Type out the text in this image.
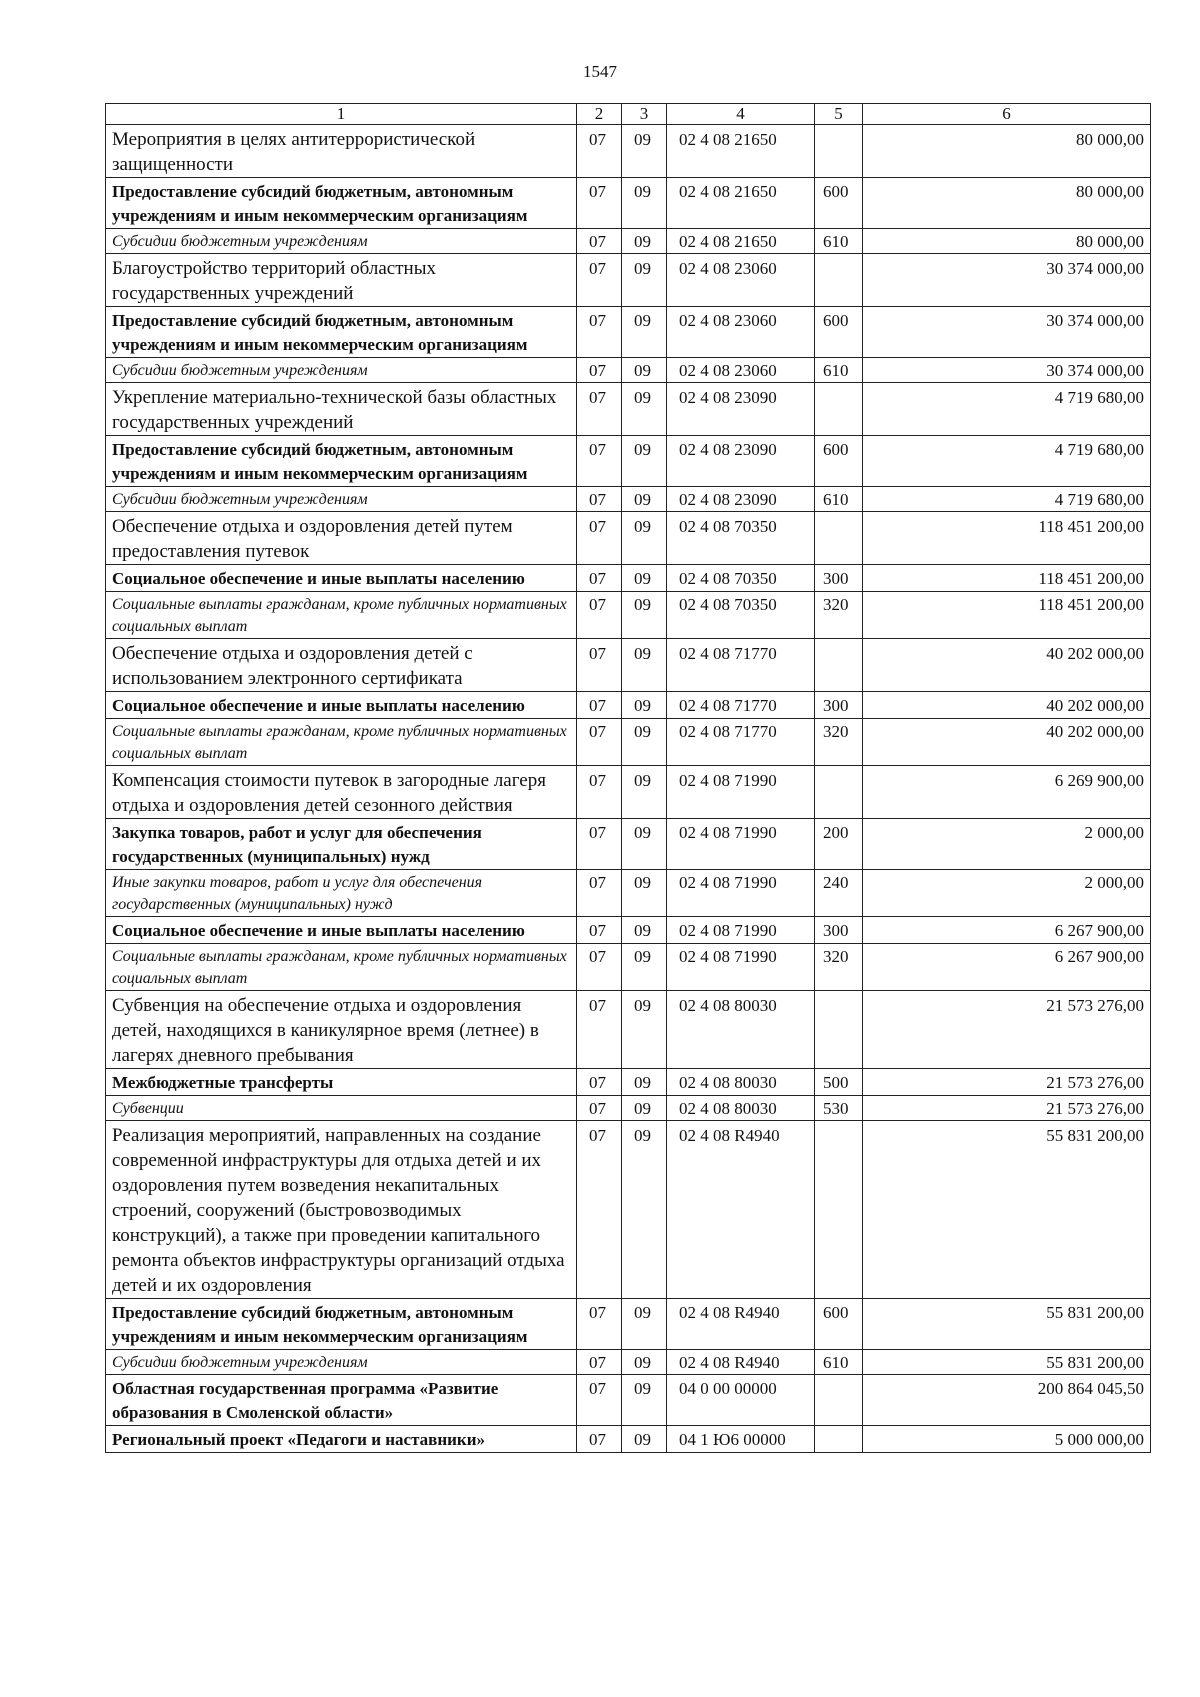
1547
1	2	3	4	5	6
Мероприятия в целях антитеррористической защищенности	07	09	02 4 08 21650		80 000,00
Предоставление субсидий бюджетным, автономным учреждениям и иным некоммерческим организациям	07	09	02 4 08 21650	600	80 000,00
Субсидии бюджетным учреждениям	07	09	02 4 08 21650	610	80 000,00
Благоустройство территорий областных государственных учреждений	07	09	02 4 08 23060		30 374 000,00
Предоставление субсидий бюджетным, автономным учреждениям и иным некоммерческим организациям	07	09	02 4 08 23060	600	30 374 000,00
Субсидии бюджетным учреждениям	07	09	02 4 08 23060	610	30 374 000,00
Укрепление материально-технической базы областных государственных учреждений	07	09	02 4 08 23090		4 719 680,00
Предоставление субсидий бюджетным, автономным учреждениям и иным некоммерческим организациям	07	09	02 4 08 23090	600	4 719 680,00
Субсидии бюджетным учреждениям	07	09	02 4 08 23090	610	4 719 680,00
Обеспечение отдыха и оздоровления детей путем предоставления путевок	07	09	02 4 08 70350		118 451 200,00
Социальное обеспечение и иные выплаты населению	07	09	02 4 08 70350	300	118 451 200,00
Социальные выплаты гражданам, кроме публичных нормативных социальных выплат	07	09	02 4 08 70350	320	118 451 200,00
Обеспечение отдыха и оздоровления детей с использованием электронного сертификата	07	09	02 4 08 71770		40 202 000,00
Социальное обеспечение и иные выплаты населению	07	09	02 4 08 71770	300	40 202 000,00
Социальные выплаты гражданам, кроме публичных нормативных социальных выплат	07	09	02 4 08 71770	320	40 202 000,00
Компенсация стоимости путевок в загородные лагеря отдыха и оздоровления детей сезонного действия	07	09	02 4 08 71990		6 269 900,00
Закупка товаров, работ и услуг для обеспечения государственных (муниципальных) нужд	07	09	02 4 08 71990	200	2 000,00
Иные закупки товаров, работ и услуг для обеспечения государственных (муниципальных) нужд	07	09	02 4 08 71990	240	2 000,00
Социальное обеспечение и иные выплаты населению	07	09	02 4 08 71990	300	6 267 900,00
Социальные выплаты гражданам, кроме публичных нормативных социальных выплат	07	09	02 4 08 71990	320	6 267 900,00
Субвенция на обеспечение отдыха и оздоровления детей, находящихся в каникулярное время (летнее) в лагерях дневного пребывания	07	09	02 4 08 80030		21 573 276,00
Межбюджетные трансферты	07	09	02 4 08 80030	500	21 573 276,00
Субвенции	07	09	02 4 08 80030	530	21 573 276,00
Реализация мероприятий, направленных на создание современной инфраструктуры для отдыха детей и их оздоровления путем возведения некапитальных строений, сооружений (быстровозводимых конструкций), а также при проведении капитального ремонта объектов инфраструктуры организаций отдыха детей и их оздоровления	07	09	02 4 08 R4940		55 831 200,00
Предоставление субсидий бюджетным, автономным учреждениям и иным некоммерческим организациям	07	09	02 4 08 R4940	600	55 831 200,00
Субсидии бюджетным учреждениям	07	09	02 4 08 R4940	610	55 831 200,00
Областная государственная программа «Развитие образования в Смоленской области»	07	09	04 0 00 00000		200 864 045,50
Региональный проект «Педагоги и наставники»	07	09	04 1 Ю6 00000		5 000 000,00
